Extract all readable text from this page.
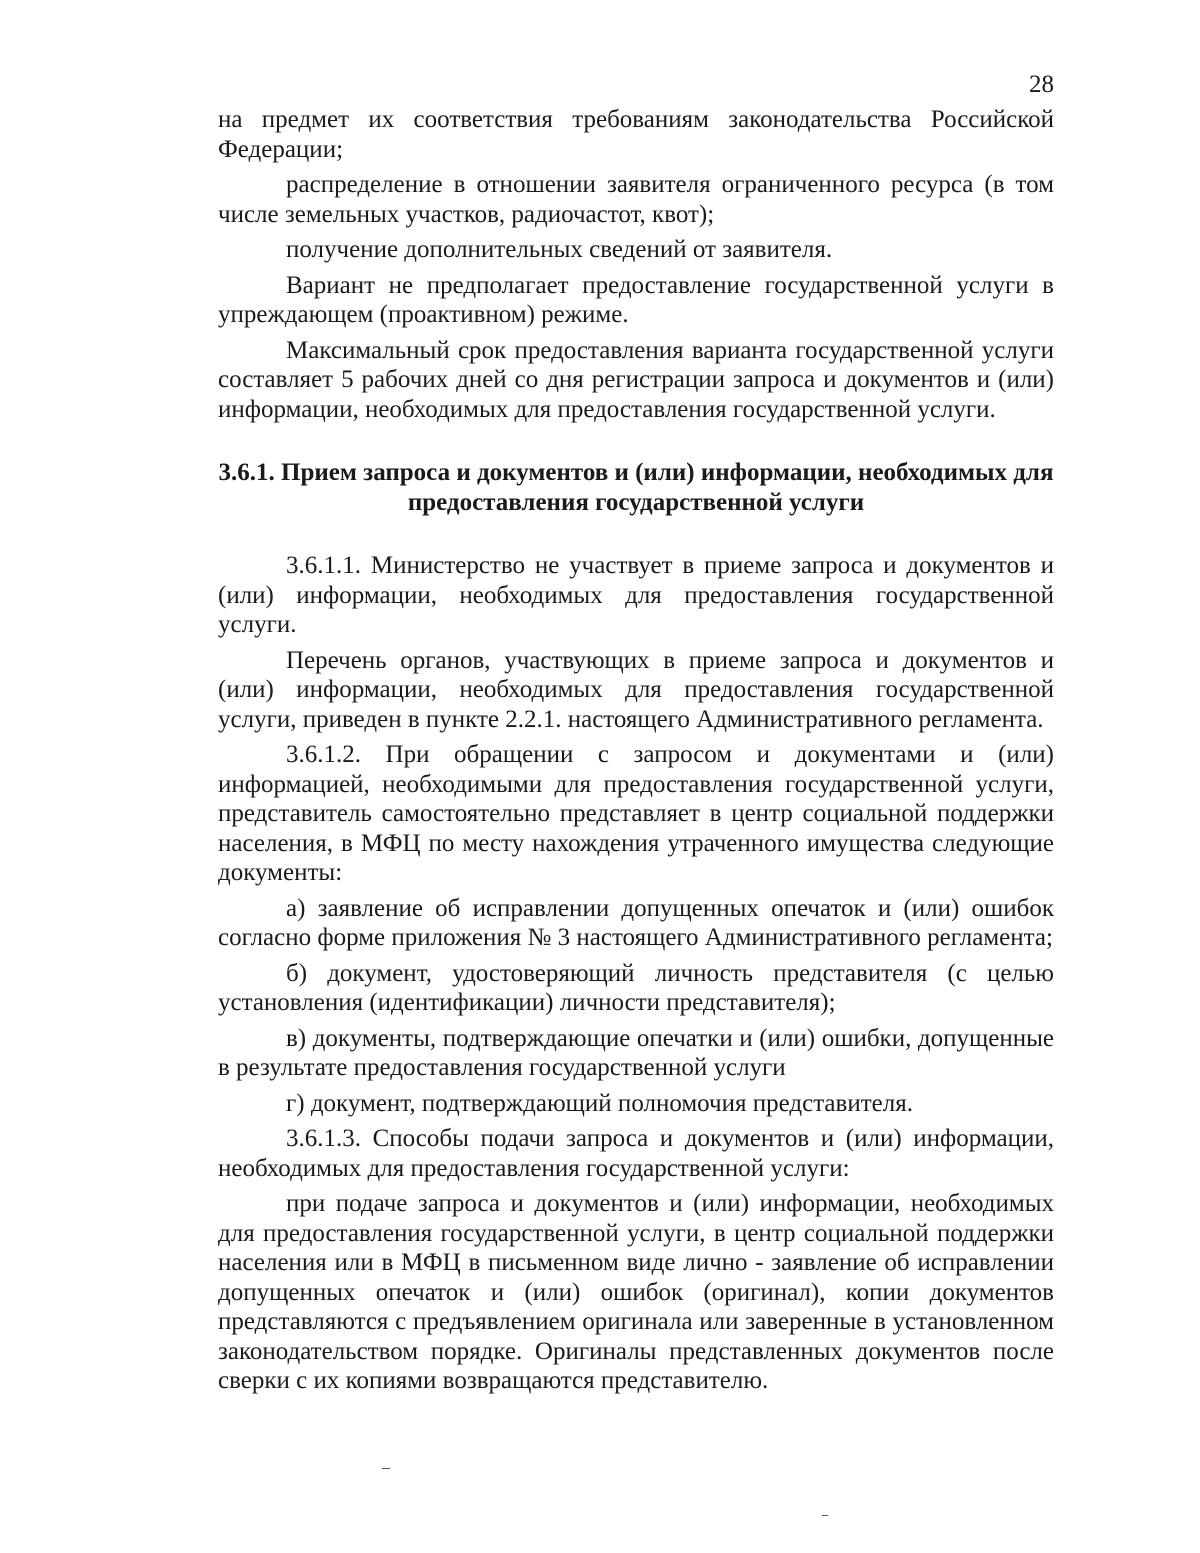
28

на предмет их соответствия требованиям законодательства Российской Федерации;

распределение в отношении заявителя ограниченного ресурса (в том числе земельных участков, радиочастот, квот);

получение дополнительных сведений от заявителя.

Вариант не предполагает предоставление государственной услуги в упреждающем (проактивном) режиме.

Максимальный срок предоставления варианта государственной услуги составляет 5 рабочих дней со дня регистрации запроса и документов и (или) информации, необходимых для предоставления государственной услуги.

3.6.1. Прием запроса и документов и (или) информации, необходимых для предоставления государственной услуги

3.6.1.1. Министерство не участвует в приеме запроса и документов и (или) информации, необходимых для предоставления государственной услуги.

Перечень органов, участвующих в приеме запроса и документов и (или) информации, необходимых для предоставления государственной услуги, приведен в пункте 2.2.1. настоящего Административного регламента.

3.6.1.2. При обращении с запросом и документами и (или) информацией, необходимыми для предоставления государственной услуги, представитель самостоятельно представляет в центр социальной поддержки населения, в МФЦ по месту нахождения утраченного имущества следующие документы:

а) заявление об исправлении допущенных опечаток и (или) ошибок согласно форме приложения № 3 настоящего Административного регламента;

б) документ, удостоверяющий личность представителя (с целью установления (идентификации) личности представителя);

в) документы, подтверждающие опечатки и (или) ошибки, допущенные в результате предоставления государственной услуги

г) документ, подтверждающий полномочия представителя.

3.6.1.3. Способы подачи запроса и документов и (или) информации, необходимых для предоставления государственной услуги:

при подаче запроса и документов и (или) информации, необходимых для предоставления государственной услуги, в центр социальной поддержки населения или в МФЦ в письменном виде лично - заявление об исправлении допущенных опечаток и (или) ошибок (оригинал), копии документов представляются с предъявлением оригинала или заверенные в установленном законодательством порядке. Оригиналы представленных документов после сверки с их копиями возвращаются представителю.
